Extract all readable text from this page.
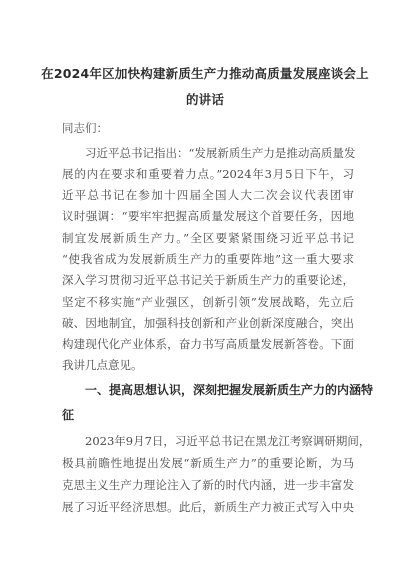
在2024年区加快构建新质生产力推动高质量发展座谈会上
的讲话
同志们：
习近平总书记指出：“发展新质生产力是推动高质量发
展的内在要求和重要着力点。”2024年3月5日下午，习
近平总书记在参加十四届全国人大二次会议代表团审
议时强调：“要牢牢把握高质量发展这个首要任务，因地
制宜发展新质生产力。”全区要紧紧围绕习近平总书记
“使我省成为发展新质生产力的重要阵地”这一重大要求
深入学习贯彻习近平总书记关于新质生产力的重要论述，
坚定不移实施“产业强区，创新引领”发展战略，先立后
破、因地制宜，加强科技创新和产业创新深度融合，突出
构建现代化产业体系，奋力书写高质量发展新答卷。下面
我讲几点意见。
一、提高思想认识，深刻把握发展新质生产力的内涵特
征
2023年9月7日，习近平总书记在黑龙江考察调研期间，
极具前瞻性地提出发展“新质生产力”的重要论断，为马
克思主义生产力理论注入了新的时代内涵，进一步丰富发
展了习近平经济思想。此后，新质生产力被正式写入中央
